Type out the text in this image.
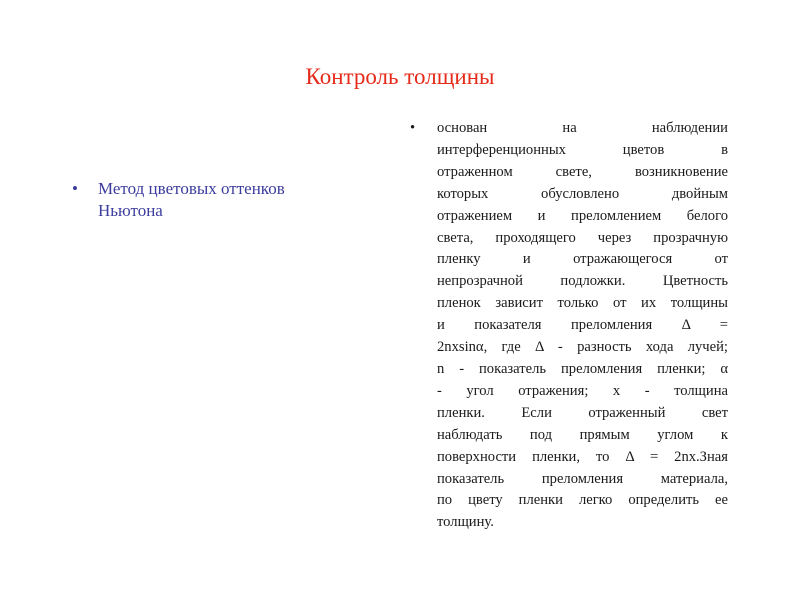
Контроль толщины
• Метод цветовых оттенков
Ньютона
• основан на наблюдении
интерференционных цветов в
отраженном свете, возникновение
которых обусловлено двойным
отражением и преломлением белого
света, проходящего через прозрачную
пленку и отражающегося от
непрозрачной подложки. Цветность
пленок зависит только от их толщины
и показателя преломления Δ =
2nxsinα, где Δ - разность хода лучей;
n - показатель преломления пленки; α
- угол отражения; х - толщина
пленки. Если отраженный свет
наблюдать под прямым углом к
поверхности пленки, то Δ = 2nx.Зная
показатель преломления материала,
по цвету пленки легко определить ее
толщину.
